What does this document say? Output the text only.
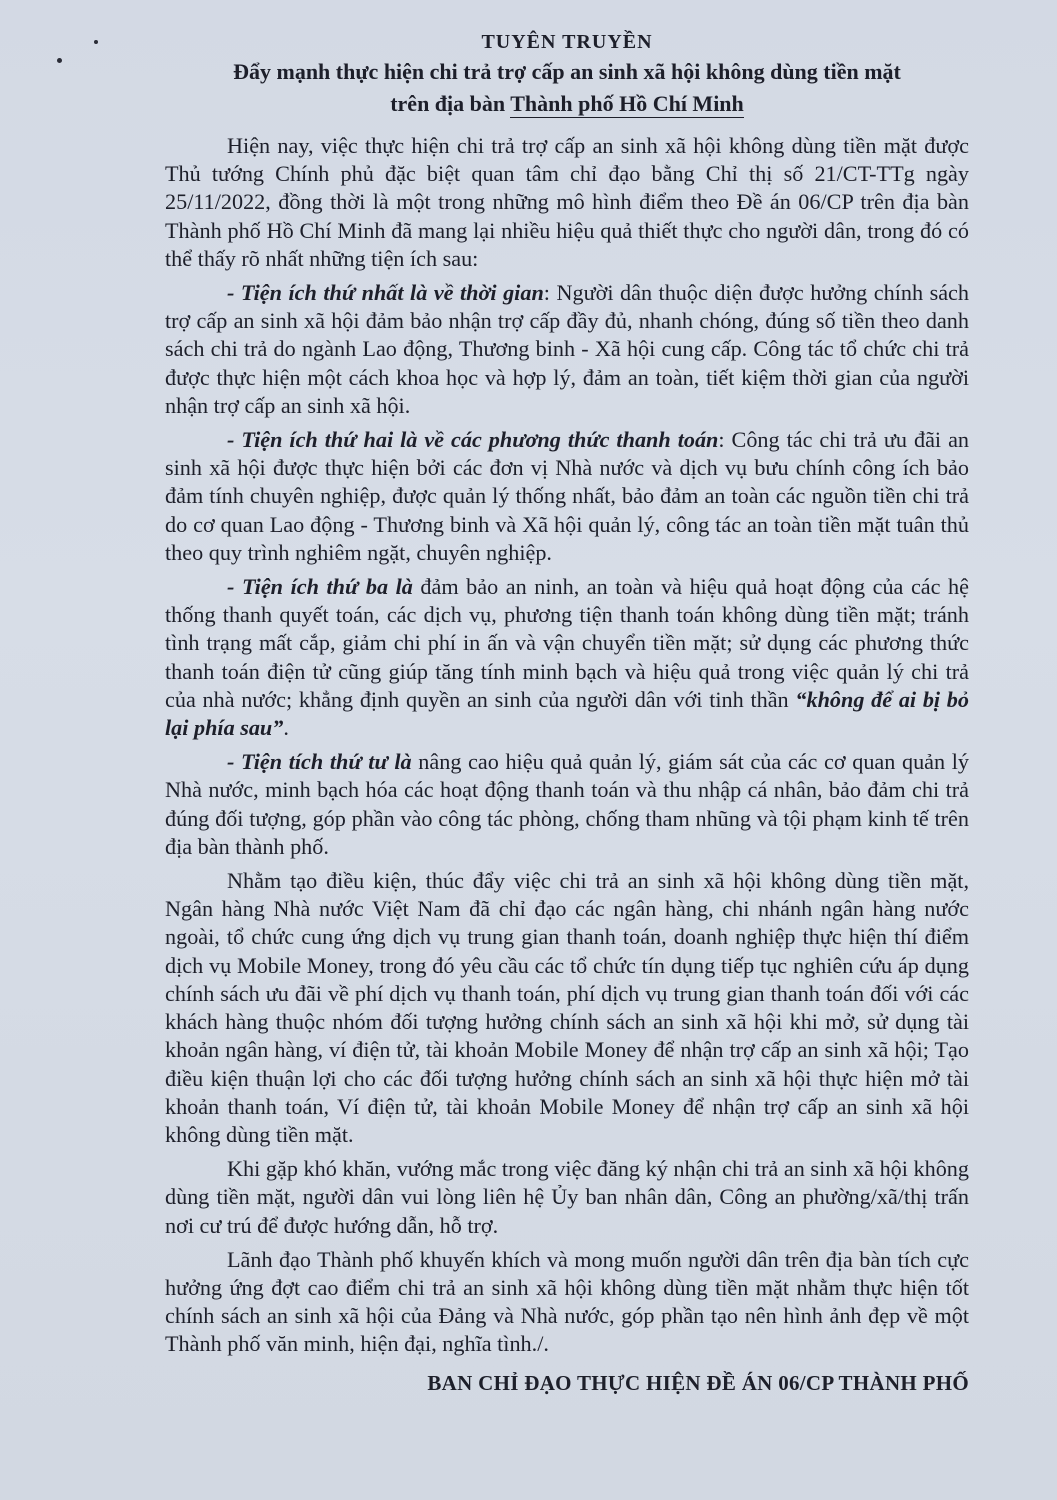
TUYÊN TRUYỀN

Đẩy mạnh thực hiện chi trả trợ cấp an sinh xã hội không dùng tiền mặt

trên địa bàn Thành phố Hồ Chí Minh

Hiện nay, việc thực hiện chi trả trợ cấp an sinh xã hội không dùng tiền mặt được Thủ tướng Chính phủ đặc biệt quan tâm chỉ đạo bằng Chỉ thị số 21/CT-TTg ngày 25/11/2022, đồng thời là một trong những mô hình điểm theo Đề án 06/CP trên địa bàn Thành phố Hồ Chí Minh đã mang lại nhiều hiệu quả thiết thực cho người dân, trong đó có thể thấy rõ nhất những tiện ích sau:

- Tiện ích thứ nhất là về thời gian: Người dân thuộc diện được hưởng chính sách trợ cấp an sinh xã hội đảm bảo nhận trợ cấp đầy đủ, nhanh chóng, đúng số tiền theo danh sách chi trả do ngành Lao động, Thương binh - Xã hội cung cấp. Công tác tổ chức chi trả được thực hiện một cách khoa học và hợp lý, đảm an toàn, tiết kiệm thời gian của người nhận trợ cấp an sinh xã hội.

- Tiện ích thứ hai là về các phương thức thanh toán: Công tác chi trả ưu đãi an sinh xã hội được thực hiện bởi các đơn vị Nhà nước và dịch vụ bưu chính công ích bảo đảm tính chuyên nghiệp, được quản lý thống nhất, bảo đảm an toàn các nguồn tiền chi trả do cơ quan Lao động - Thương binh và Xã hội quản lý, công tác an toàn tiền mặt tuân thủ theo quy trình nghiêm ngặt, chuyên nghiệp.

- Tiện ích thứ ba là đảm bảo an ninh, an toàn và hiệu quả hoạt động của các hệ thống thanh quyết toán, các dịch vụ, phương tiện thanh toán không dùng tiền mặt; tránh tình trạng mất cắp, giảm chi phí in ấn và vận chuyển tiền mặt; sử dụng các phương thức thanh toán điện tử cũng giúp tăng tính minh bạch và hiệu quả trong việc quản lý chi trả của nhà nước; khẳng định quyền an sinh của người dân với tinh thần “không để ai bị bỏ lại phía sau”.

- Tiện tích thứ tư là nâng cao hiệu quả quản lý, giám sát của các cơ quan quản lý Nhà nước, minh bạch hóa các hoạt động thanh toán và thu nhập cá nhân, bảo đảm chi trả đúng đối tượng, góp phần vào công tác phòng, chống tham nhũng và tội phạm kinh tế trên địa bàn thành phố.

Nhằm tạo điều kiện, thúc đẩy việc chi trả an sinh xã hội không dùng tiền mặt, Ngân hàng Nhà nước Việt Nam đã chỉ đạo các ngân hàng, chi nhánh ngân hàng nước ngoài, tổ chức cung ứng dịch vụ trung gian thanh toán, doanh nghiệp thực hiện thí điểm dịch vụ Mobile Money, trong đó yêu cầu các tổ chức tín dụng tiếp tục nghiên cứu áp dụng chính sách ưu đãi về phí dịch vụ thanh toán, phí dịch vụ trung gian thanh toán đối với các khách hàng thuộc nhóm đối tượng hưởng chính sách an sinh xã hội khi mở, sử dụng tài khoản ngân hàng, ví điện tử, tài khoản Mobile Money để nhận trợ cấp an sinh xã hội; Tạo điều kiện thuận lợi cho các đối tượng hưởng chính sách an sinh xã hội thực hiện mở tài khoản thanh toán, Ví điện tử, tài khoản Mobile Money để nhận trợ cấp an sinh xã hội không dùng tiền mặt.

Khi gặp khó khăn, vướng mắc trong việc đăng ký nhận chi trả an sinh xã hội không dùng tiền mặt, người dân vui lòng liên hệ Ủy ban nhân dân, Công an phường/xã/thị trấn nơi cư trú để được hướng dẫn, hỗ trợ.

Lãnh đạo Thành phố khuyến khích và mong muốn người dân trên địa bàn tích cực hưởng ứng đợt cao điểm chi trả an sinh xã hội không dùng tiền mặt nhằm thực hiện tốt chính sách an sinh xã hội của Đảng và Nhà nước, góp phần tạo nên hình ảnh đẹp về một Thành phố văn minh, hiện đại, nghĩa tình./.

BAN CHỈ ĐẠO THỰC HIỆN ĐỀ ÁN 06/CP THÀNH PHỐ
